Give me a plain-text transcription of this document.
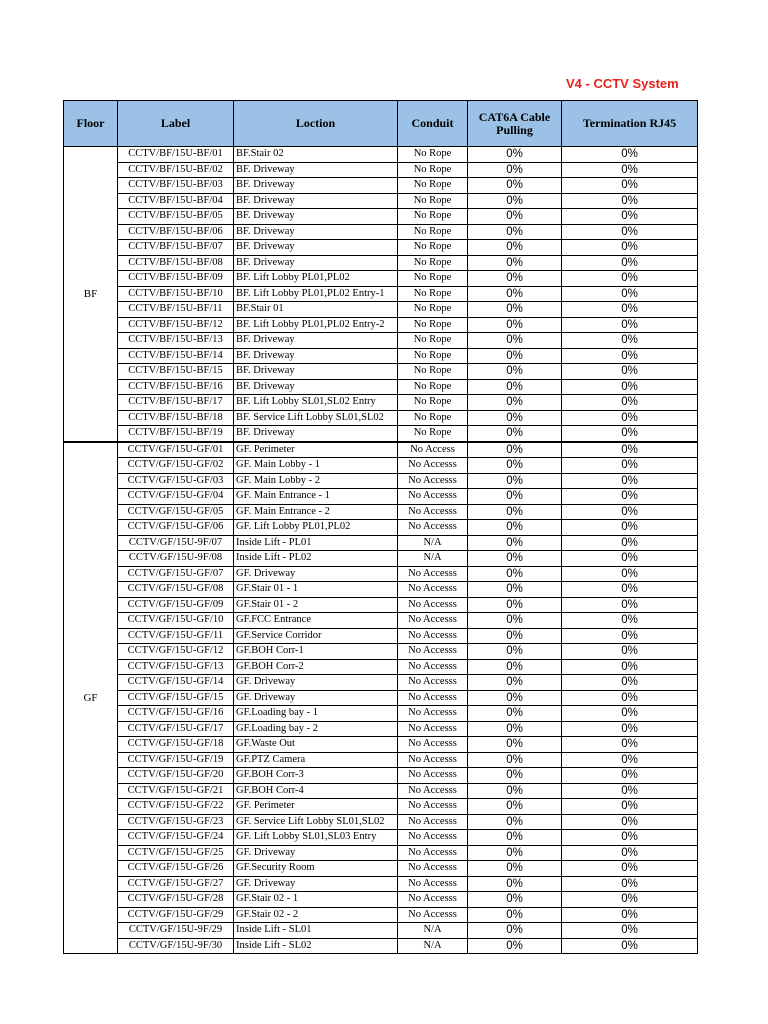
V4 - CCTV System
Floor	Label	Loction	Conduit	CAT6A Cable Pulling	Termination RJ45
BF	CCTV/BF/15U-BF/01	BF.Stair 02	No Rope	0%	0%
	CCTV/BF/15U-BF/02	BF. Driveway	No Rope	0%	0%
	CCTV/BF/15U-BF/03	BF. Driveway	No Rope	0%	0%
	CCTV/BF/15U-BF/04	BF. Driveway	No Rope	0%	0%
	CCTV/BF/15U-BF/05	BF. Driveway	No Rope	0%	0%
	CCTV/BF/15U-BF/06	BF. Driveway	No Rope	0%	0%
	CCTV/BF/15U-BF/07	BF. Driveway	No Rope	0%	0%
	CCTV/BF/15U-BF/08	BF. Driveway	No Rope	0%	0%
	CCTV/BF/15U-BF/09	BF. Lift Lobby PL01,PL02	No Rope	0%	0%
	CCTV/BF/15U-BF/10	BF. Lift Lobby PL01,PL02 Entry-1	No Rope	0%	0%
	CCTV/BF/15U-BF/11	BF.Stair 01	No Rope	0%	0%
	CCTV/BF/15U-BF/12	BF. Lift Lobby PL01,PL02 Entry-2	No Rope	0%	0%
	CCTV/BF/15U-BF/13	BF. Driveway	No Rope	0%	0%
	CCTV/BF/15U-BF/14	BF. Driveway	No Rope	0%	0%
	CCTV/BF/15U-BF/15	BF. Driveway	No Rope	0%	0%
	CCTV/BF/15U-BF/16	BF. Driveway	No Rope	0%	0%
	CCTV/BF/15U-BF/17	BF. Lift Lobby SL01,SL02 Entry	No Rope	0%	0%
	CCTV/BF/15U-BF/18	BF. Service Lift Lobby SL01,SL02	No Rope	0%	0%
	CCTV/BF/15U-BF/19	BF. Driveway	No Rope	0%	0%
GF	CCTV/GF/15U-GF/01	GF. Perimeter	No Access	0%	0%
	CCTV/GF/15U-GF/02	GF. Main Lobby - 1	No Accesss	0%	0%
	CCTV/GF/15U-GF/03	GF. Main Lobby - 2	No Accesss	0%	0%
	CCTV/GF/15U-GF/04	GF. Main Entrance - 1	No Accesss	0%	0%
	CCTV/GF/15U-GF/05	GF. Main Entrance - 2	No Accesss	0%	0%
	CCTV/GF/15U-GF/06	GF. Lift Lobby PL01,PL02	No Accesss	0%	0%
	CCTV/GF/15U-9F/07	Inside Lift - PL01	N/A	0%	0%
	CCTV/GF/15U-9F/08	Inside Lift - PL02	N/A	0%	0%
	CCTV/GF/15U-GF/07	GF. Driveway	No Accesss	0%	0%
	CCTV/GF/15U-GF/08	GF.Stair 01 - 1	No Accesss	0%	0%
	CCTV/GF/15U-GF/09	GF.Stair 01 - 2	No Accesss	0%	0%
	CCTV/GF/15U-GF/10	GF.FCC Entrance	No Accesss	0%	0%
	CCTV/GF/15U-GF/11	GF.Service Corridor	No Accesss	0%	0%
	CCTV/GF/15U-GF/12	GF.BOH Corr-1	No Accesss	0%	0%
	CCTV/GF/15U-GF/13	GF.BOH Corr-2	No Accesss	0%	0%
	CCTV/GF/15U-GF/14	GF. Driveway	No Accesss	0%	0%
	CCTV/GF/15U-GF/15	GF. Driveway	No Accesss	0%	0%
	CCTV/GF/15U-GF/16	GF.Loading bay - 1	No Accesss	0%	0%
	CCTV/GF/15U-GF/17	GF.Loading bay - 2	No Accesss	0%	0%
	CCTV/GF/15U-GF/18	GF.Waste Out	No Accesss	0%	0%
	CCTV/GF/15U-GF/19	GF.PTZ Camera	No Accesss	0%	0%
	CCTV/GF/15U-GF/20	GF.BOH Corr-3	No Accesss	0%	0%
	CCTV/GF/15U-GF/21	GF.BOH Corr-4	No Accesss	0%	0%
	CCTV/GF/15U-GF/22	GF. Perimeter	No Accesss	0%	0%
	CCTV/GF/15U-GF/23	GF. Service Lift Lobby SL01,SL02	No Accesss	0%	0%
	CCTV/GF/15U-GF/24	GF. Lift Lobby SL01,SL03 Entry	No Accesss	0%	0%
	CCTV/GF/15U-GF/25	GF. Driveway	No Accesss	0%	0%
	CCTV/GF/15U-GF/26	GF.Security Room	No Accesss	0%	0%
	CCTV/GF/15U-GF/27	GF. Driveway	No Accesss	0%	0%
	CCTV/GF/15U-GF/28	GF.Stair 02 - 1	No Accesss	0%	0%
	CCTV/GF/15U-GF/29	GF.Stair 02 - 2	No Accesss	0%	0%
	CCTV/GF/15U-9F/29	Inside Lift - SL01	N/A	0%	0%
	CCTV/GF/15U-9F/30	Inside Lift - SL02	N/A	0%	0%
